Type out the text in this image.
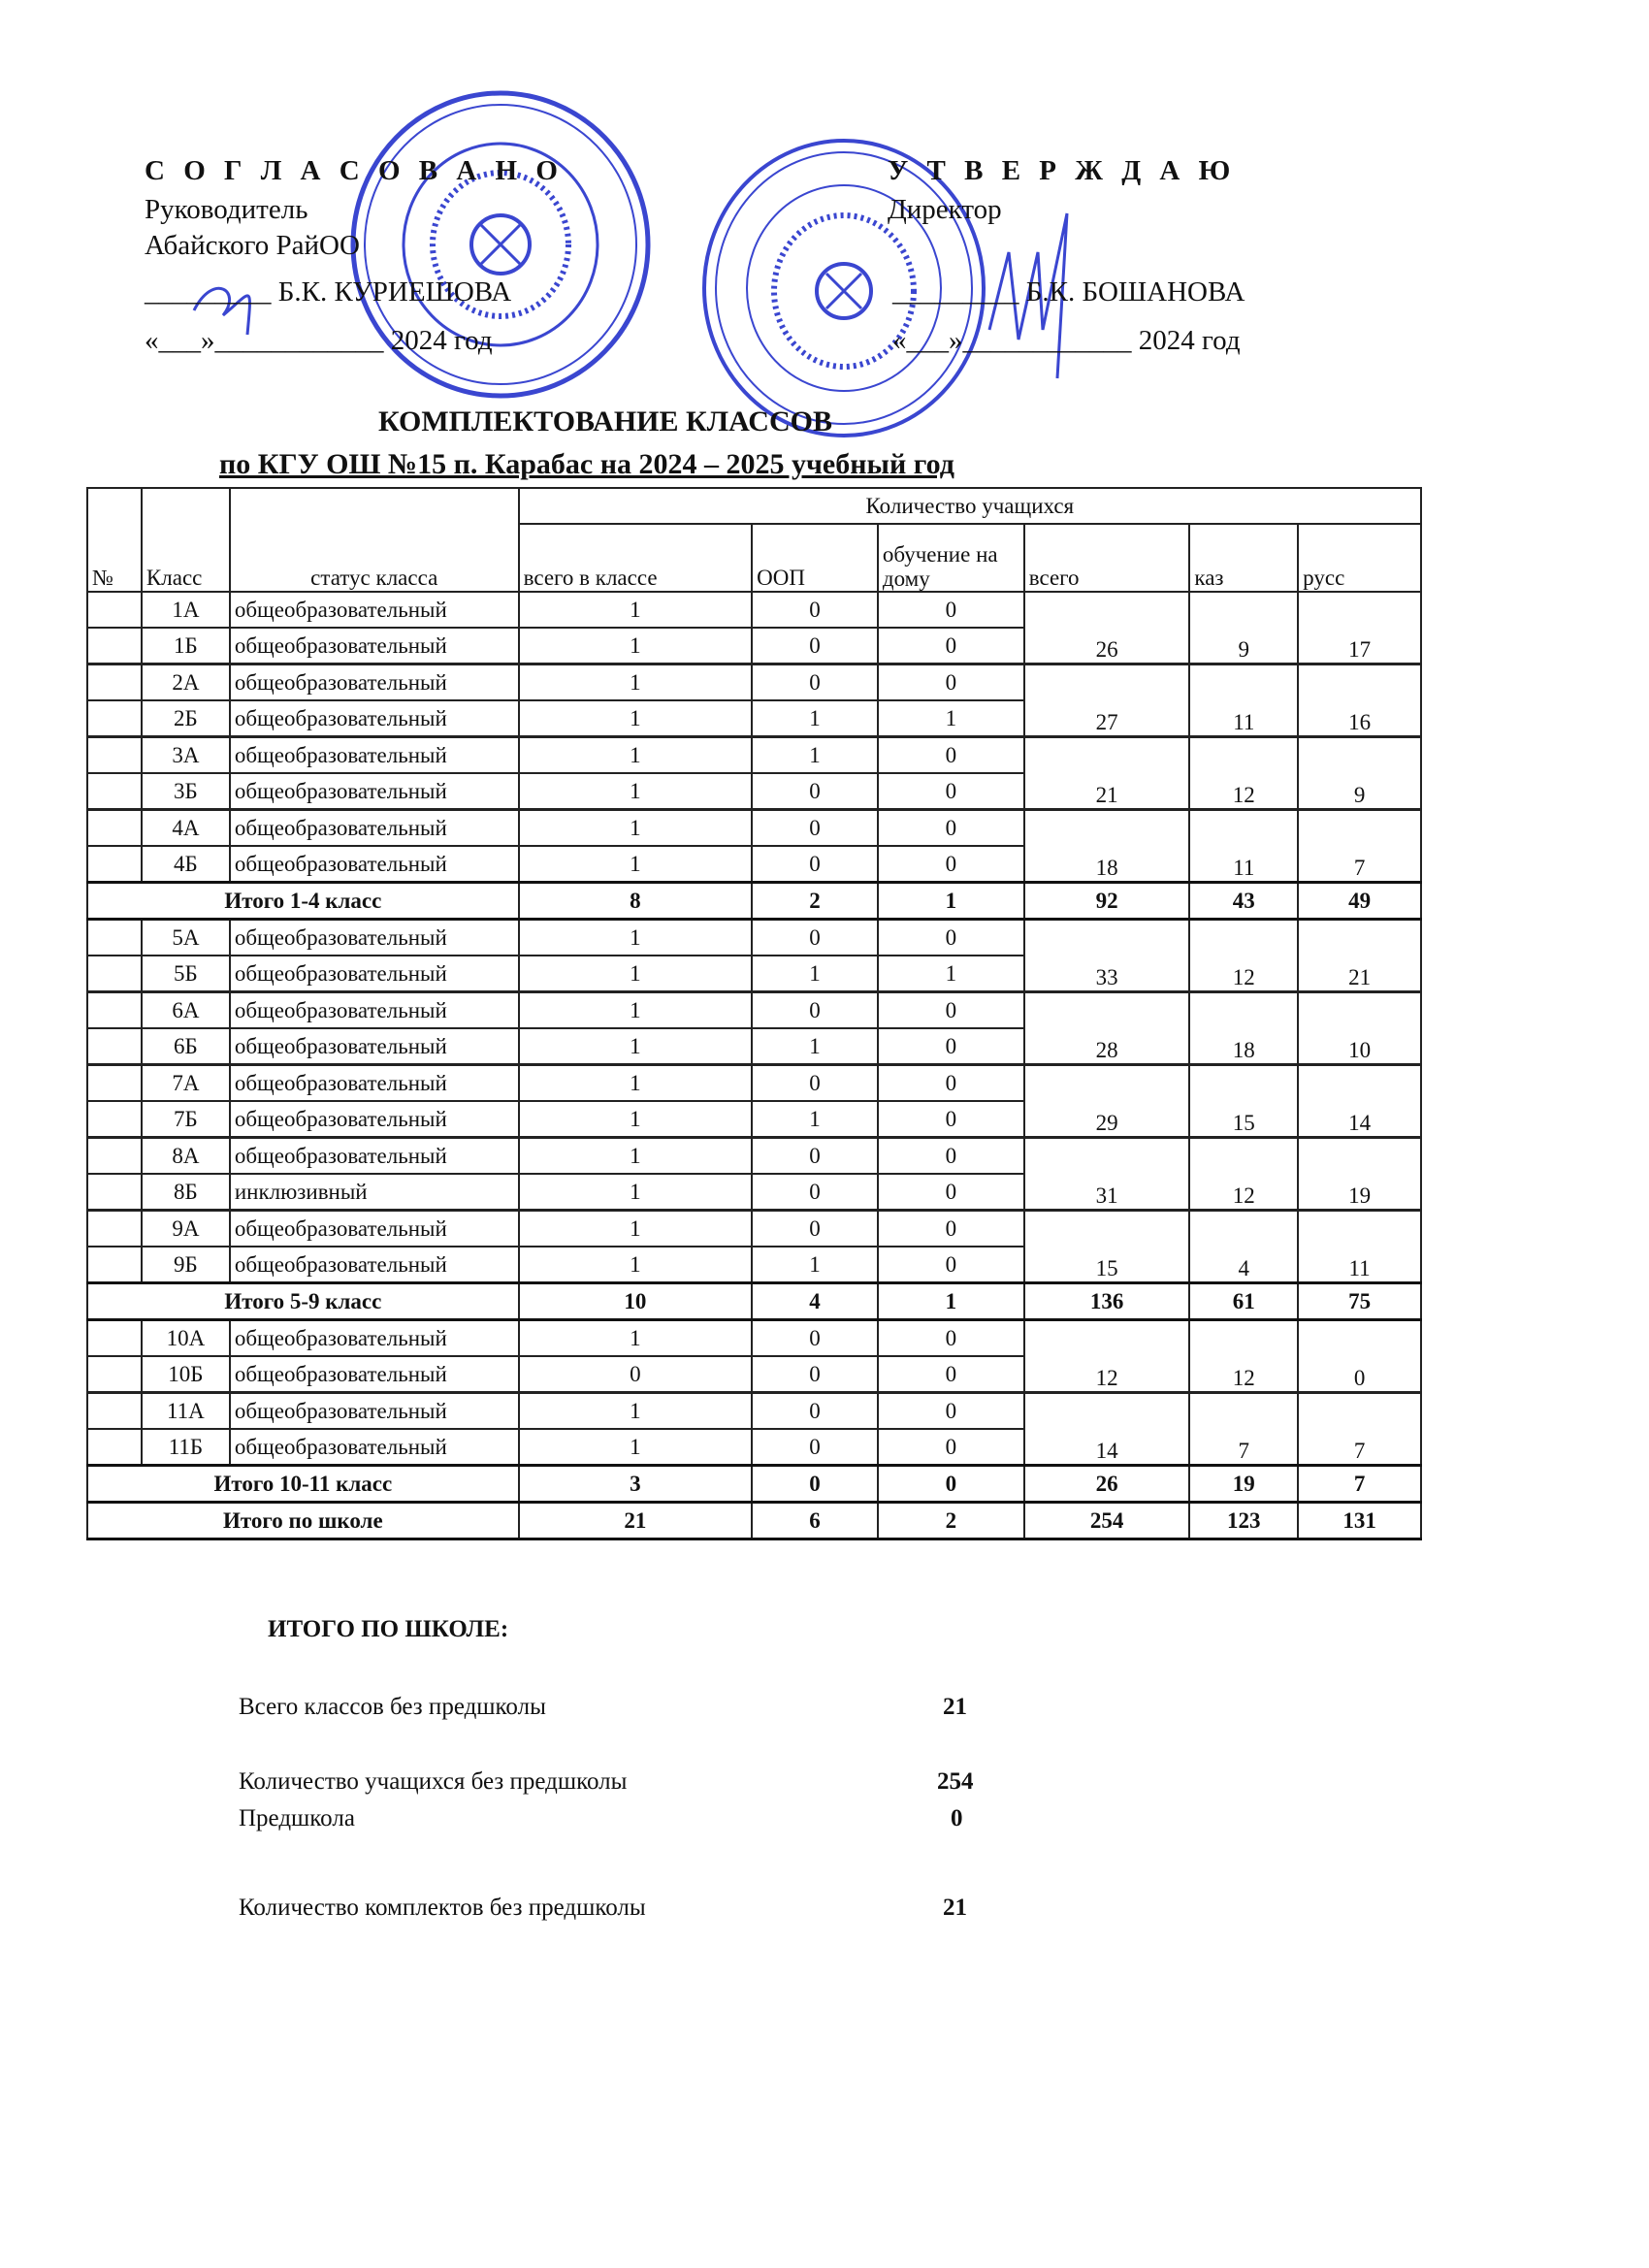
С О Г Л А С О В А Н О
Руководитель
Абайского РайОО
_________ Б.К. КУРИЕШОВА
«___»____________ 2024 год
У Т В Е Р Ж Д А Ю
Директор
_________ Б.К. БОШАНОВА
«___»____________ 2024 год
КОМПЛЕКТОВАНИЕ КЛАССОВ
по КГУ ОШ №15 п. Карабас на 2024 – 2025 учебный год
№	Класс	статус класса	Количество учащихся					
			всего в классе	ООП	обучение на дому	всего	каз	русс
	1А	общеобразовательный	1	0	0	26	9	17
	1Б	общеобразовательный	1	0	0			
	2А	общеобразовательный	1	0	0	27	11	16
	2Б	общеобразовательный	1	1	1			
	3А	общеобразовательный	1	1	0	21	12	9
	3Б	общеобразовательный	1	0	0			
	4А	общеобразовательный	1	0	0	18	11	7
	4Б	общеобразовательный	1	0	0			
Итого 1-4 класс			8	2	1	92	43	49
	5А	общеобразовательный	1	0	0	33	12	21
	5Б	общеобразовательный	1	1	1			
	6А	общеобразовательный	1	0	0	28	18	10
	6Б	общеобразовательный	1	1	0			
	7А	общеобразовательный	1	0	0	29	15	14
	7Б	общеобразовательный	1	1	0			
	8А	общеобразовательный	1	0	0	31	12	19
	8Б	инклюзивный	1	0	0			
	9А	общеобразовательный	1	0	0	15	4	11
	9Б	общеобразовательный	1	1	0			
Итого 5-9 класс			10	4	1	136	61	75
	10А	общеобразовательный	1	0	0	12	12	0
	10Б	общеобразовательный	0	0	0			
	11А	общеобразовательный	1	0	0	14	7	7
	11Б	общеобразовательный	1	0	0			
Итого 10-11 класс			3	0	0	26	19	7
Итого по школе			21	6	2	254	123	131
ИТОГО ПО ШКОЛЕ:
Всего классов без предшколы	21
Количество учащихся без предшколы	254
Предшкола	0
Количество комплектов без предшколы	21
